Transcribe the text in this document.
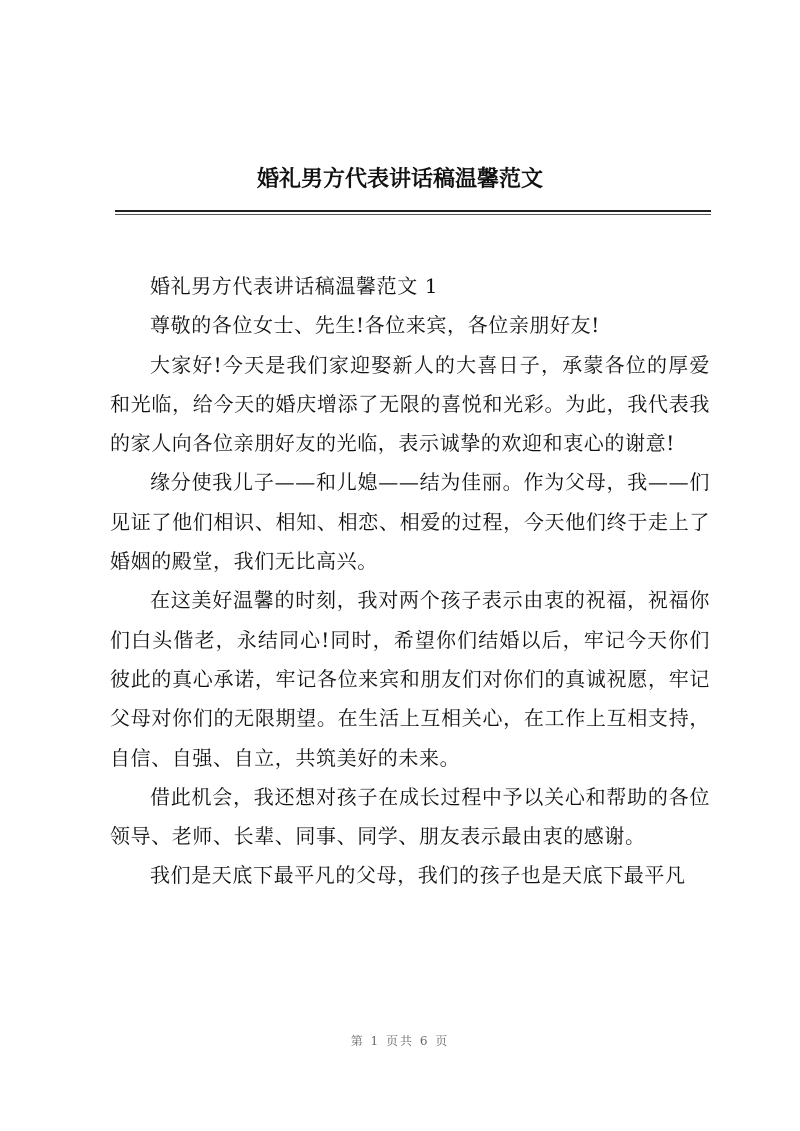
婚礼男方代表讲话稿温馨范文

婚礼男方代表讲话稿温馨范文 1

尊敬的各位女士、先生!各位来宾，各位亲朋好友!

大家好!今天是我们家迎娶新人的大喜日子，承蒙各位的厚爱和光临，给今天的婚庆增添了无限的喜悦和光彩。为此，我代表我的家人向各位亲朋好友的光临，表示诚挚的欢迎和衷心的谢意!

缘分使我儿子——和儿媳——结为佳丽。作为父母，我——们见证了他们相识、相知、相恋、相爱的过程，今天他们终于走上了婚姻的殿堂，我们无比高兴。

在这美好温馨的时刻，我对两个孩子表示由衷的祝福，祝福你们白头偕老，永结同心!同时，希望你们结婚以后，牢记今天你们彼此的真心承诺，牢记各位来宾和朋友们对你们的真诚祝愿，牢记父母对你们的无限期望。在生活上互相关心，在工作上互相支持，自信、自强、自立，共筑美好的未来。

借此机会，我还想对孩子在成长过程中予以关心和帮助的各位领导、老师、长辈、同事、同学、朋友表示最由衷的感谢。

我们是天底下最平凡的父母，我们的孩子也是天底下最平凡

第 1 页共 6 页
